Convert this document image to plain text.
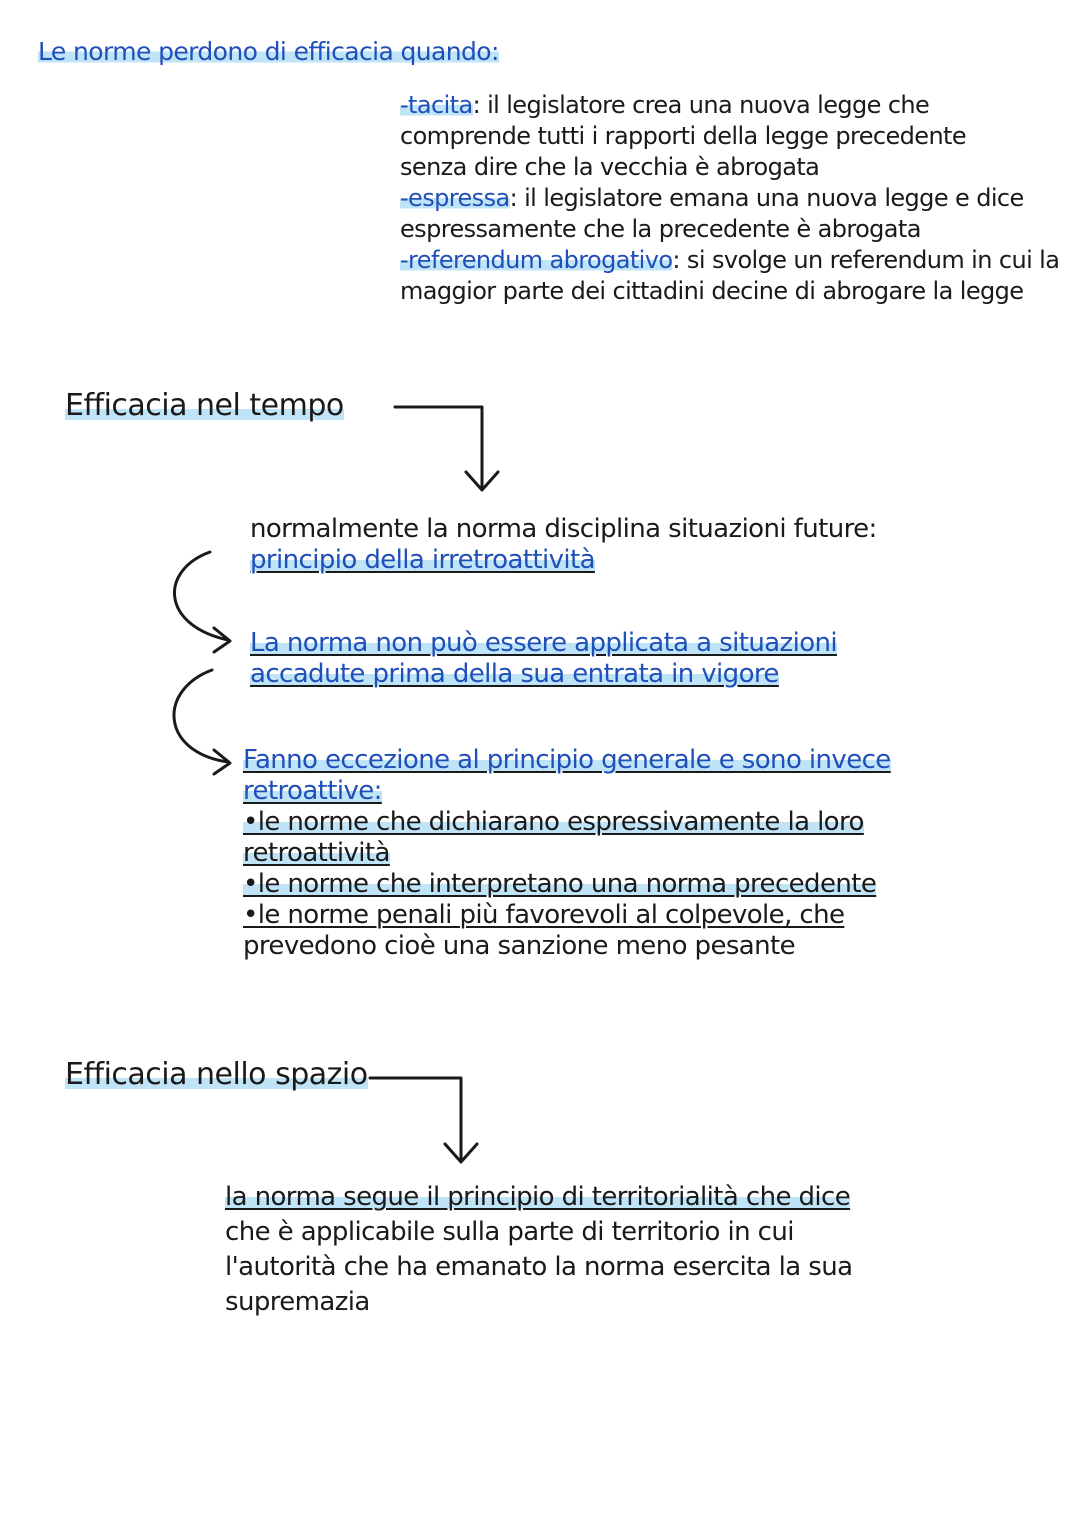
Le norme perdono di efficacia quando:
-tacita: il legislatore crea una nuova legge che
comprende tutti i rapporti della legge precedente
senza dire che la vecchia è abrogata
-espressa: il legislatore emana una nuova legge e dice
espressamente che la precedente è abrogata
-referendum abrogativo: si svolge un referendum in cui la
maggior parte dei cittadini decine di abrogare la legge
Efficacia nel tempo
normalmente la norma disciplina situazioni future:
principio della irretroattività
La norma non può essere applicata a situazioni
accadute prima della sua entrata in vigore
Fanno eccezione al principio generale e sono invece
retroattive:
•le norme che dichiarano espressivamente la loro
retroattività
•le norme che interpretano una norma precedente
•le norme penali più favorevoli al colpevole, che
prevedono cioè una sanzione meno pesante
Efficacia nello spazio
la norma segue il principio di territorialità che dice
che è applicabile sulla parte di territorio in cui
l'autorità che ha emanato la norma esercita la sua
supremazia
